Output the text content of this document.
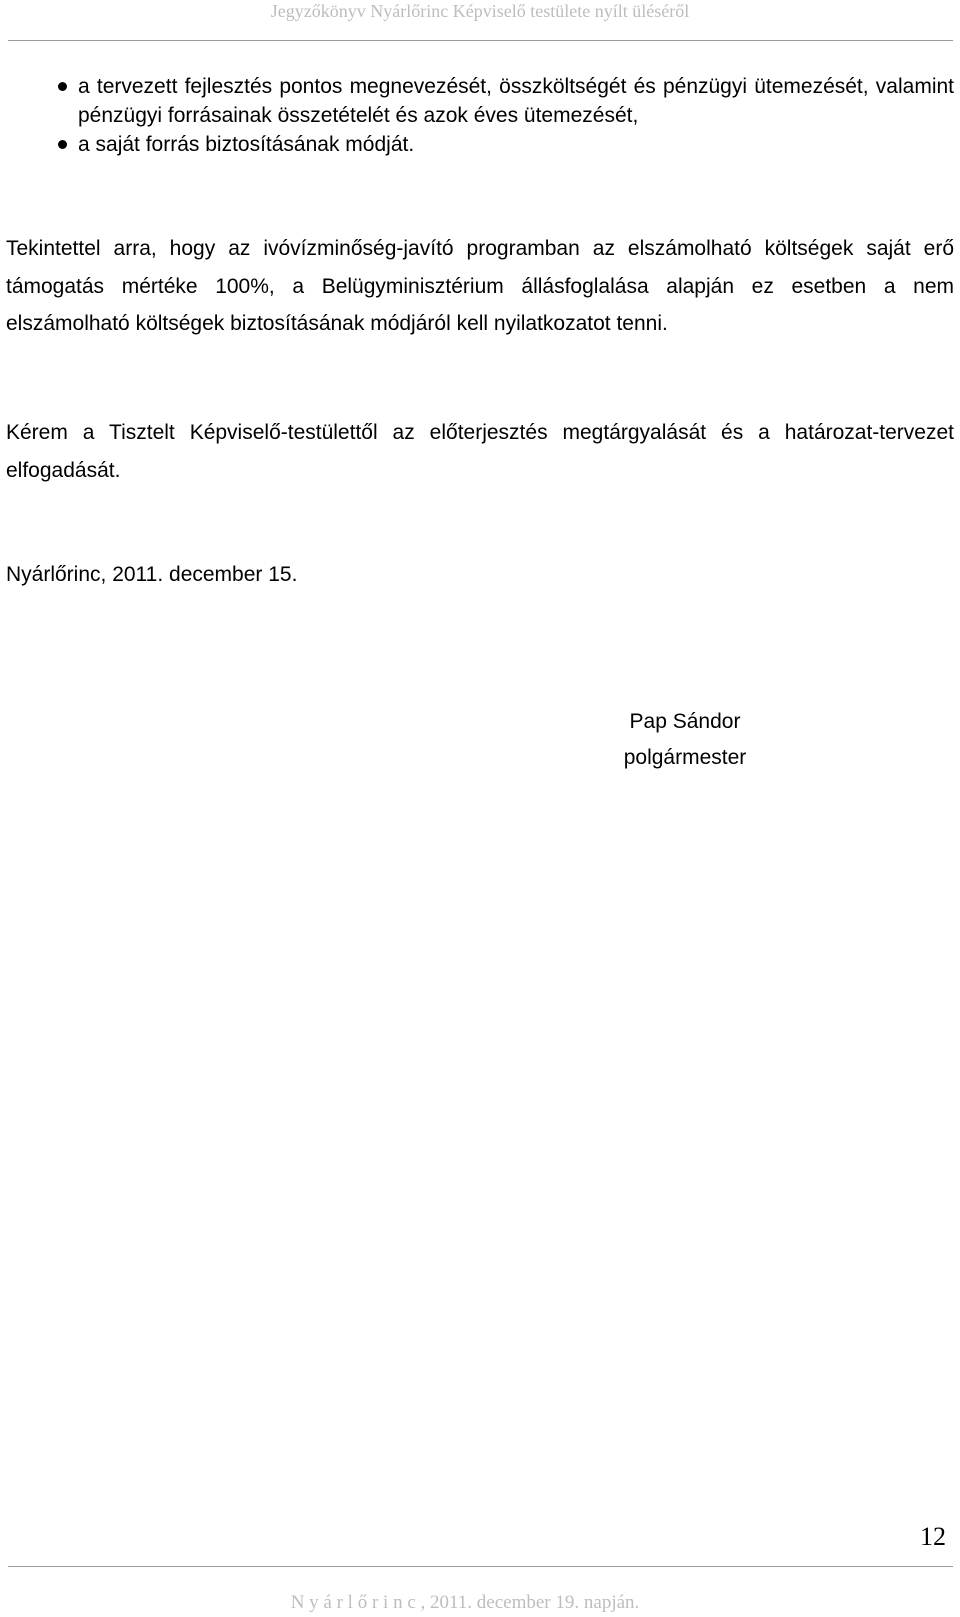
Jegyzőkönyv Nyárlőrinc Képviselő testülete nyílt üléséről
a tervezett fejlesztés pontos megnevezését, összköltségét és pénzügyi ütemezését, valamint pénzügyi forrásainak összetételét és azok éves ütemezését,
a saját forrás biztosításának módját.

Tekintettel arra, hogy az ivóvízminőség-javító programban az elszámolható költségek saját erő támogatás mértéke 100%, a Belügyminisztérium állásfoglalása alapján ez esetben a nem elszámolható költségek biztosításának módjáról kell nyilatkozatot tenni.

Kérem a Tisztelt Képviselő-testülettől az előterjesztés megtárgyalását és a határozat-tervezet elfogadását.

Nyárlőrinc, 2011. december 15.

Pap Sándor
polgármester
12
N y á r l ő r i n c , 2011. december 19. napján.
